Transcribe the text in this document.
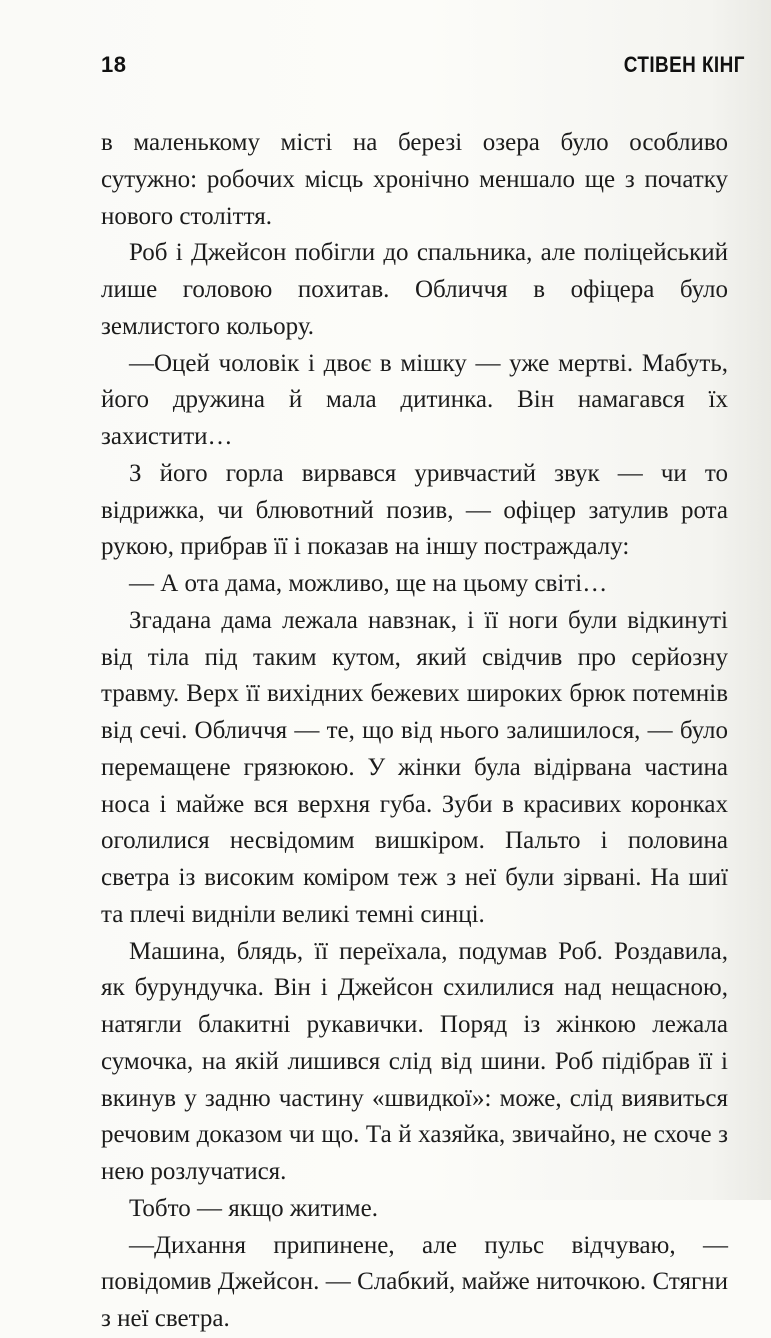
18	СТІВЕН КІНГ

в маленькому місті на березі озера було особливо сутужно: робочих місць хронічно меншало ще з початку нового століття.

Роб і Джейсон побігли до спальника, але поліцейський лише головою похитав. Обличчя в офіцера було землистого кольору.

—Оцей чоловік і двоє в мішку — уже мертві. Мабуть, його дружина й мала дитинка. Він намагався їх захистити…

З його горла вирвався уривчастий звук — чи то відрижка, чи блювотний позив, — офіцер затулив рота рукою, прибрав її і показав на іншу постраждалу:

— А ота дама, можливо, ще на цьому світі…

Згадана дама лежала навзнак, і її ноги були відкинуті від тіла під таким кутом, який свідчив про серйозну травму. Верх її вихідних бежевих широких брюк потемнів від сечі. Обличчя — те, що від нього залишилося, — було перемащене грязюкою. У жінки була відірвана частина носа і майже вся верхня губа. Зуби в красивих коронках оголилися несвідомим вишкіром. Пальто і половина светра із високим коміром теж з неї були зірвані. На шиї та плечі видніли великі темні синці.

Машина, блядь, її переїхала, подумав Роб. Роздавила, як бурундучка. Він і Джейсон схилилися над нещасною, натягли блакитні рукавички. Поряд із жінкою лежала сумочка, на якій лишився слід від шини. Роб підібрав її і вкинув у задню частину «швидкої»: може, слід виявиться речовим доказом чи що. Та й хазяйка, звичайно, не схоче з нею розлучатися.

Тобто — якщо житиме.

—Дихання припинене, але пульс відчуваю, — повідомив Джейсон. — Слабкий, майже ниточкою. Стягни з неї светра.
